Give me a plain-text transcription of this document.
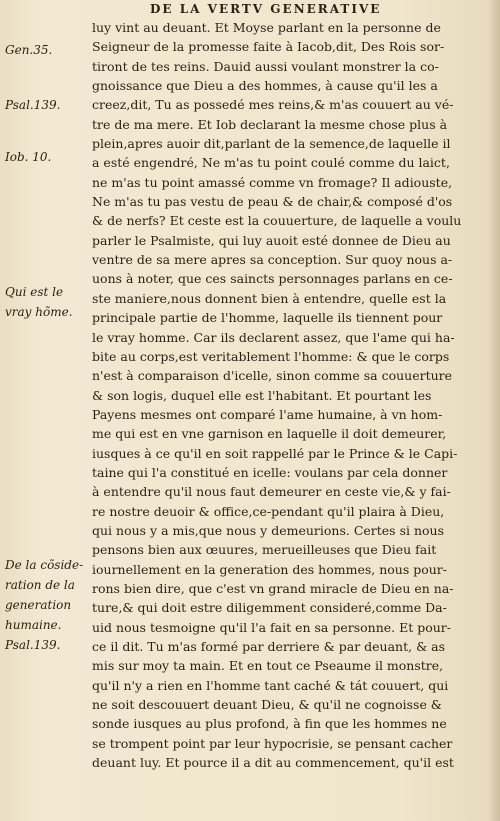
DE LA VERTV GENERATIVE
Gen.35.
Psal.139.
Iob. 10.
Qui est le
vray hõme.
De la cõside-
ration de la
generation
humaine.
Psal.139.
luy vint au deuant. Et Moyse parlant en la personne de
Seigneur de la promesse faite à Iacob,dit, Des Rois sor-
tiront de tes reins. Dauid aussi voulant monstrer la co-
gnoissance que Dieu a des hommes, à cause qu'il les a
creez,dit, Tu as possedé mes reins,& m'as couuert au vé-
tre de ma mere. Et Iob declarant la mesme chose plus à
plein,apres auoir dit,parlant de la semence,de laquelle il
a esté engendré, Ne m'as tu point coulé comme du laict,
ne m'as tu point amassé comme vn fromage? Il adiouste,
Ne m'as tu pas vestu de peau & de chair,& composé d'os
& de nerfs? Et ceste est la couuerture, de laquelle a voulu
parler le Psalmiste, qui luy auoit esté donnee de Dieu au
ventre de sa mere apres sa conception. Sur quoy nous a-
uons à noter, que ces saincts personnages parlans en ce-
ste maniere,nous donnent bien à entendre, quelle est la
principale partie de l'homme, laquelle ils tiennent pour
le vray homme. Car ils declarent assez, que l'ame qui ha-
bite au corps,est veritablement l'homme: & que le corps
n'est à comparaison d'icelle, sinon comme sa couuerture
& son logis, duquel elle est l'habitant. Et pourtant les
Payens mesmes ont comparé l'ame humaine, à vn hom-
me qui est en vne garnison en laquelle il doit demeurer,
iusques à ce qu'il en soit rappellé par le Prince & le Capi-
taine qui l'a constitué en icelle: voulans par cela donner
à entendre qu'il nous faut demeurer en ceste vie,& y fai-
re nostre deuoir & office,ce-pendant qu'il plaira à Dieu,
qui nous y a mis,que nous y demeurions. Certes si nous
pensons bien aux œuures, merueilleuses que Dieu fait
iournellement en la generation des hommes, nous pour-
rons bien dire, que c'est vn grand miracle de Dieu en na-
ture,& qui doit estre diligemment consideré,comme Da-
uid nous tesmoigne qu'il l'a fait en sa personne. Et pour-
ce il dit. Tu m'as formé par derriere & par deuant, & as
mis sur moy ta main. Et en tout ce Pseaume il monstre,
qu'il n'y a rien en l'homme tant caché & tát couuert, qui
ne soit descouuert deuant Dieu, & qu'il ne cognoisse &
sonde iusques au plus profond, à fin que les hommes ne
se trompent point par leur hypocrisie, se pensant cacher
deuant luy. Et pource il a dit au commencement, qu'il est
